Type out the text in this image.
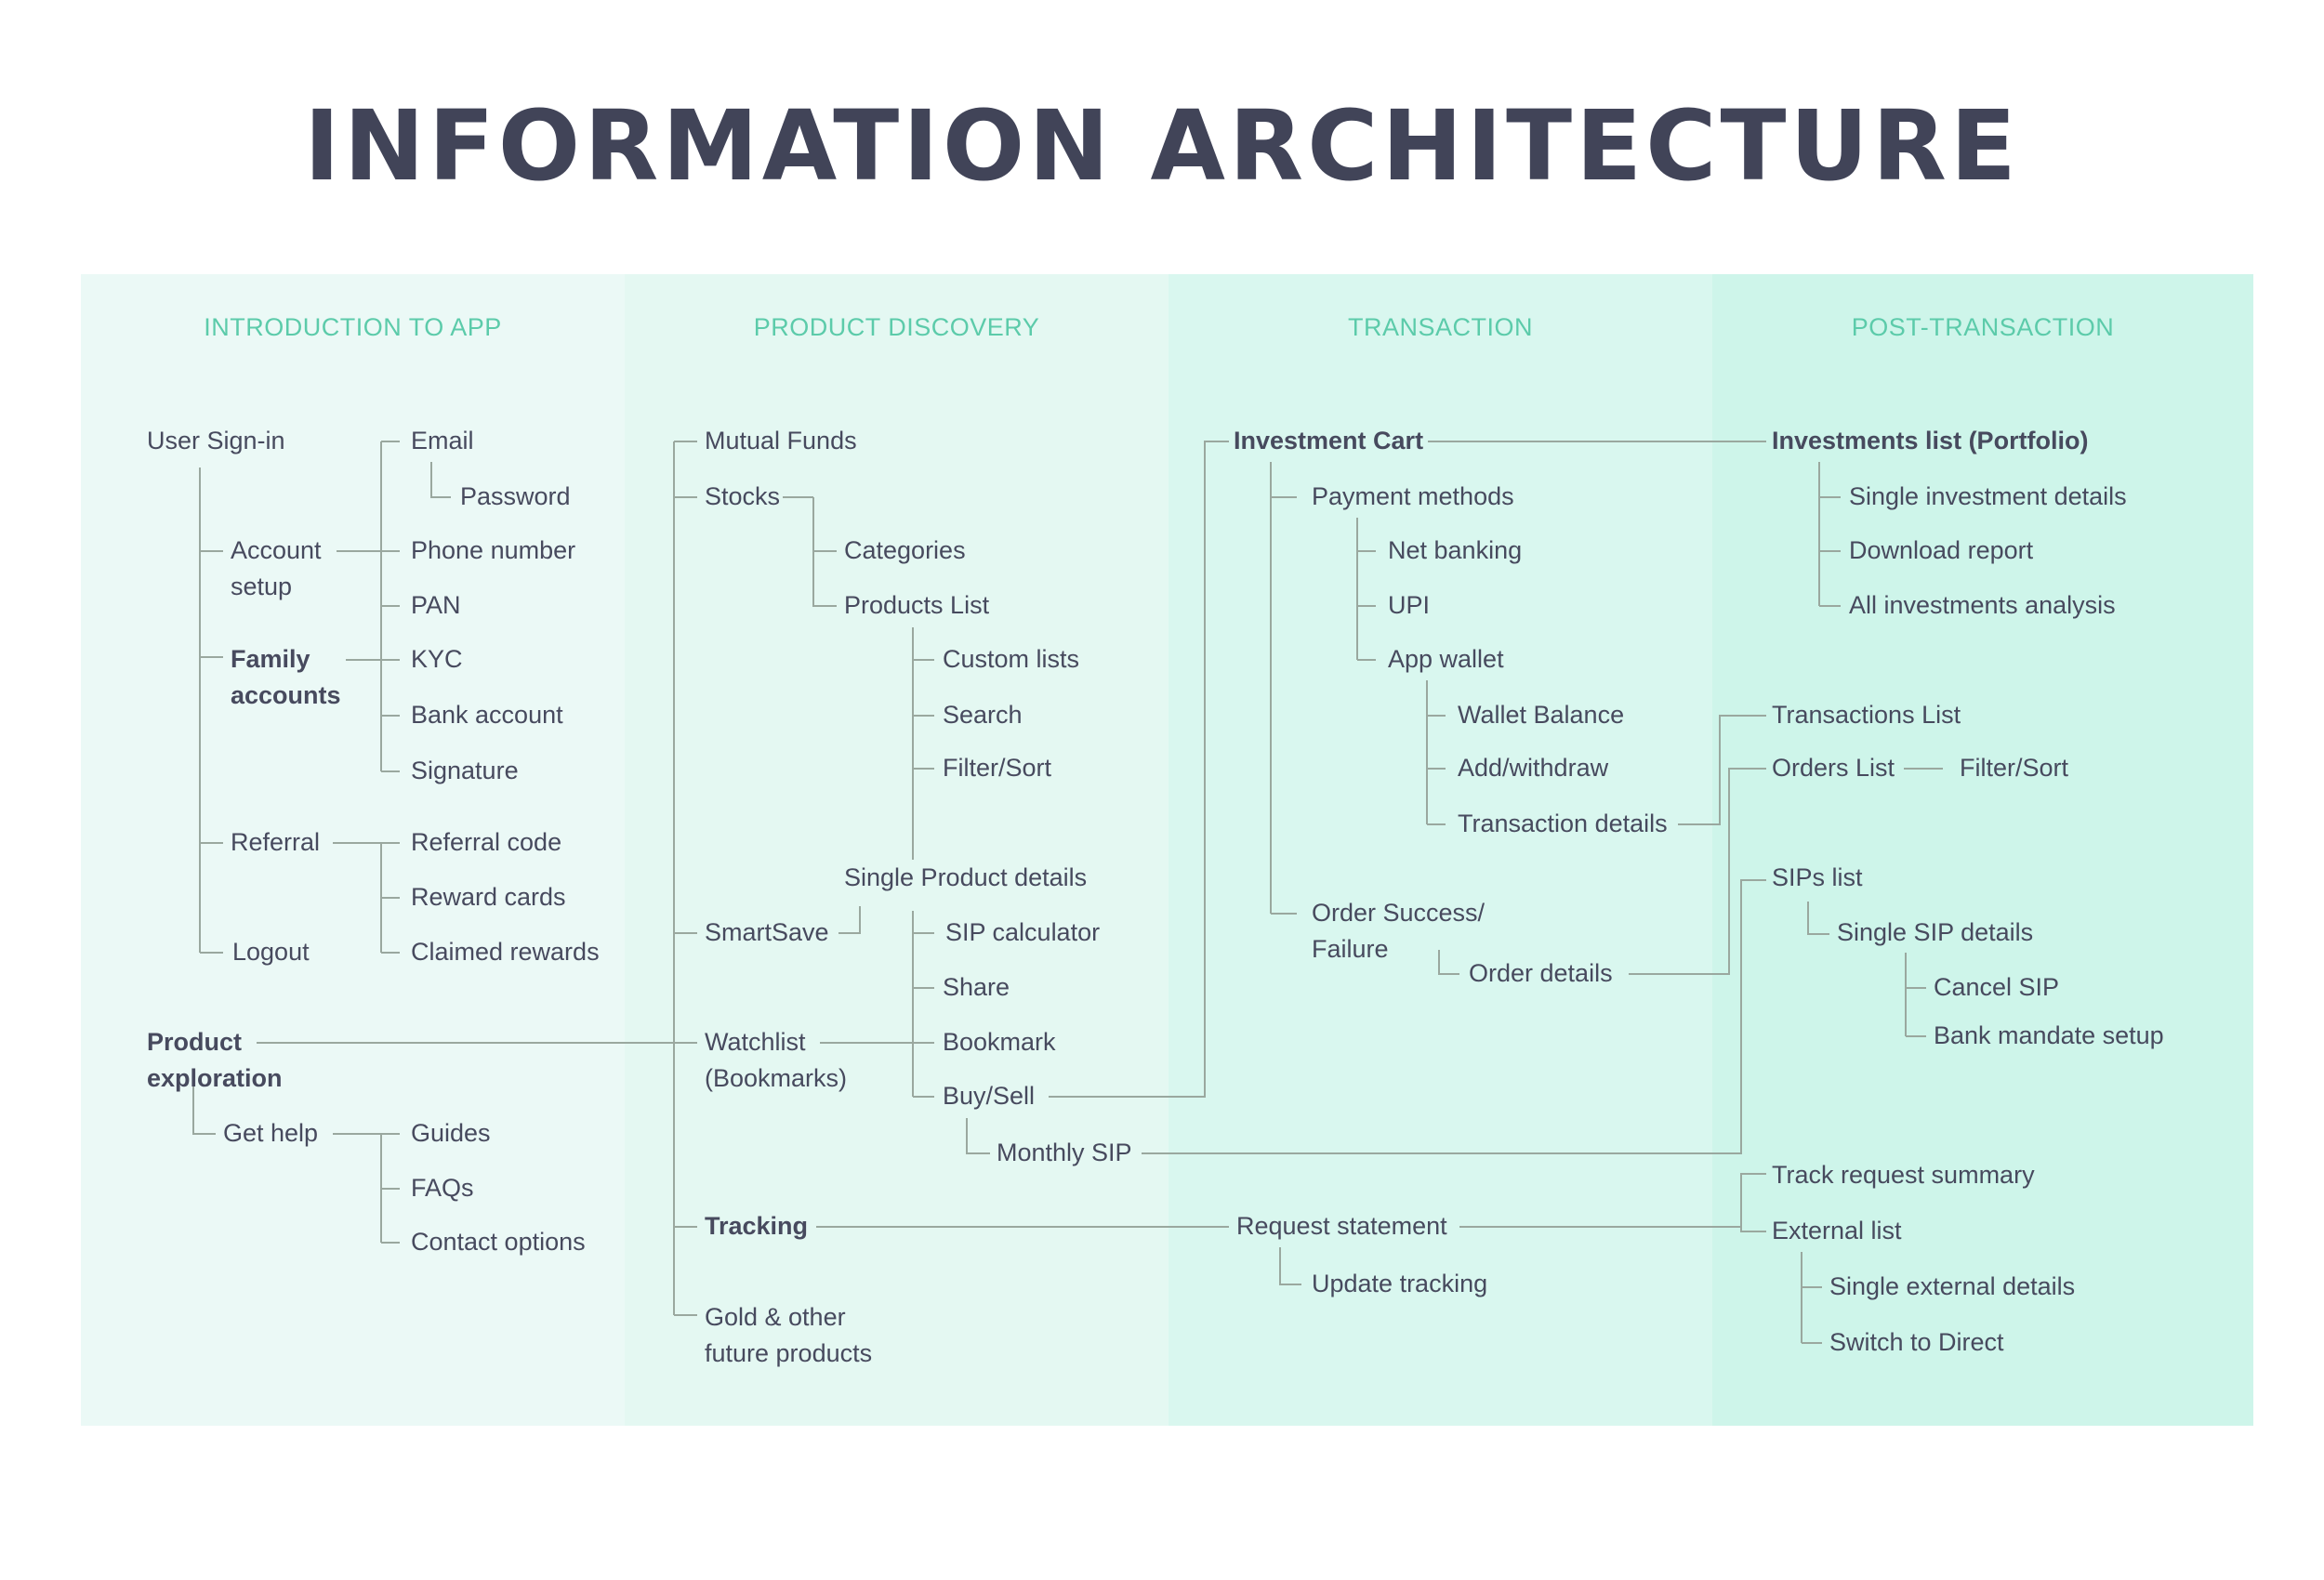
INFORMATION ARCHITECTURE
INTRODUCTION TO APP	PRODUCT DISCOVERY	TRANSACTION	POST-TRANSACTION
User Sign-in	Email
Password
Account
setup
Phone number
PAN
Family
accounts
KYC
Bank account
Signature
Referral	Referral code
Reward cards
Logout	Claimed rewards
Product
exploration
Get help	Guides
FAQs
Contact options
Mutual Funds
Stocks
Categories
Products List
Custom lists
Search
Filter/Sort
Single Product details
SmartSave	SIP calculator
Share
Watchlist
(Bookmarks)
Bookmark
Buy/Sell
Monthly SIP
Tracking
Gold & other
future products
Investment Cart
Payment methods
Net banking
UPI
App wallet
Wallet Balance
Add/withdraw
Transaction details
Order Success/
Failure
Order details
Request statement
Update tracking
Investments list (Portfolio)
Single investment details
Download report
All investments analysis
Transactions List
Orders List	Filter/Sort
SIPs list
Single SIP details
Cancel SIP
Bank mandate setup
Track request summary
External list
Single external details
Switch to Direct
